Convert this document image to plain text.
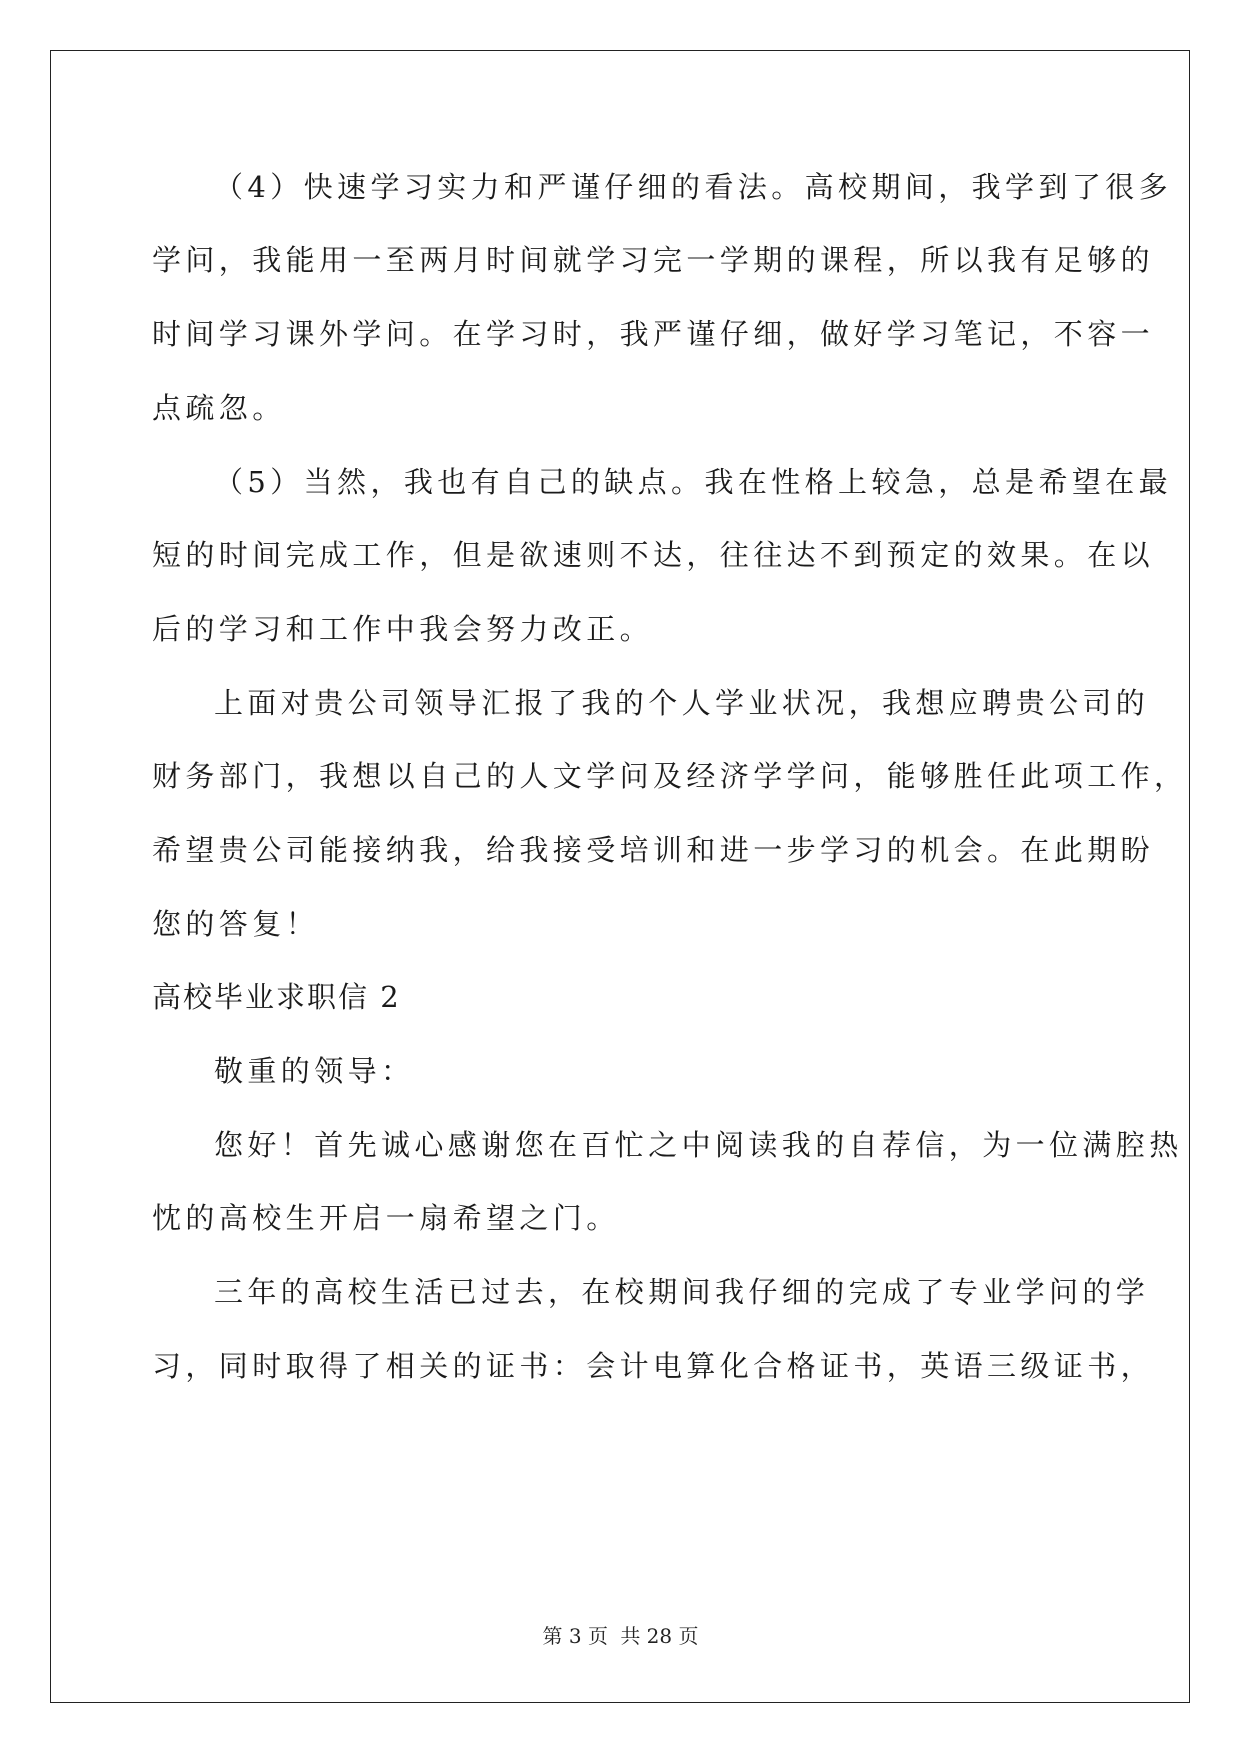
（4）快速学习实力和严谨仔细的看法。高校期间，我学到了很多
学问，我能用一至两月时间就学习完一学期的课程，所以我有足够的
时间学习课外学问。在学习时，我严谨仔细，做好学习笔记，不容一
点疏忽。
（5）当然，我也有自己的缺点。我在性格上较急，总是希望在最
短的时间完成工作，但是欲速则不达，往往达不到预定的效果。在以
后的学习和工作中我会努力改正。
上面对贵公司领导汇报了我的个人学业状况，我想应聘贵公司的
财务部门，我想以自己的人文学问及经济学学问，能够胜任此项工作，
希望贵公司能接纳我，给我接受培训和进一步学习的机会。在此期盼
您的答复！
高校毕业求职信 2
敬重的领导：
您好！首先诚心感谢您在百忙之中阅读我的自荐信，为一位满腔热
忱的高校生开启一扇希望之门。
三年的高校生活已过去，在校期间我仔细的完成了专业学问的学
习，同时取得了相关的证书：会计电算化合格证书，英语三级证书，
第 3 页 共 28 页
